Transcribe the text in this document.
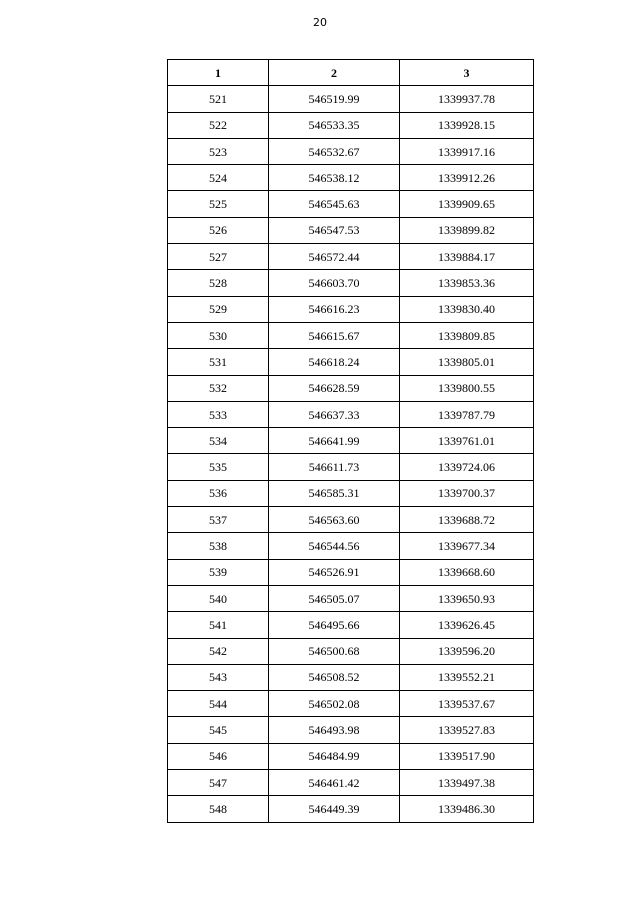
20
1	2	3
521	546519.99	1339937.78
522	546533.35	1339928.15
523	546532.67	1339917.16
524	546538.12	1339912.26
525	546545.63	1339909.65
526	546547.53	1339899.82
527	546572.44	1339884.17
528	546603.70	1339853.36
529	546616.23	1339830.40
530	546615.67	1339809.85
531	546618.24	1339805.01
532	546628.59	1339800.55
533	546637.33	1339787.79
534	546641.99	1339761.01
535	546611.73	1339724.06
536	546585.31	1339700.37
537	546563.60	1339688.72
538	546544.56	1339677.34
539	546526.91	1339668.60
540	546505.07	1339650.93
541	546495.66	1339626.45
542	546500.68	1339596.20
543	546508.52	1339552.21
544	546502.08	1339537.67
545	546493.98	1339527.83
546	546484.99	1339517.90
547	546461.42	1339497.38
548	546449.39	1339486.30
